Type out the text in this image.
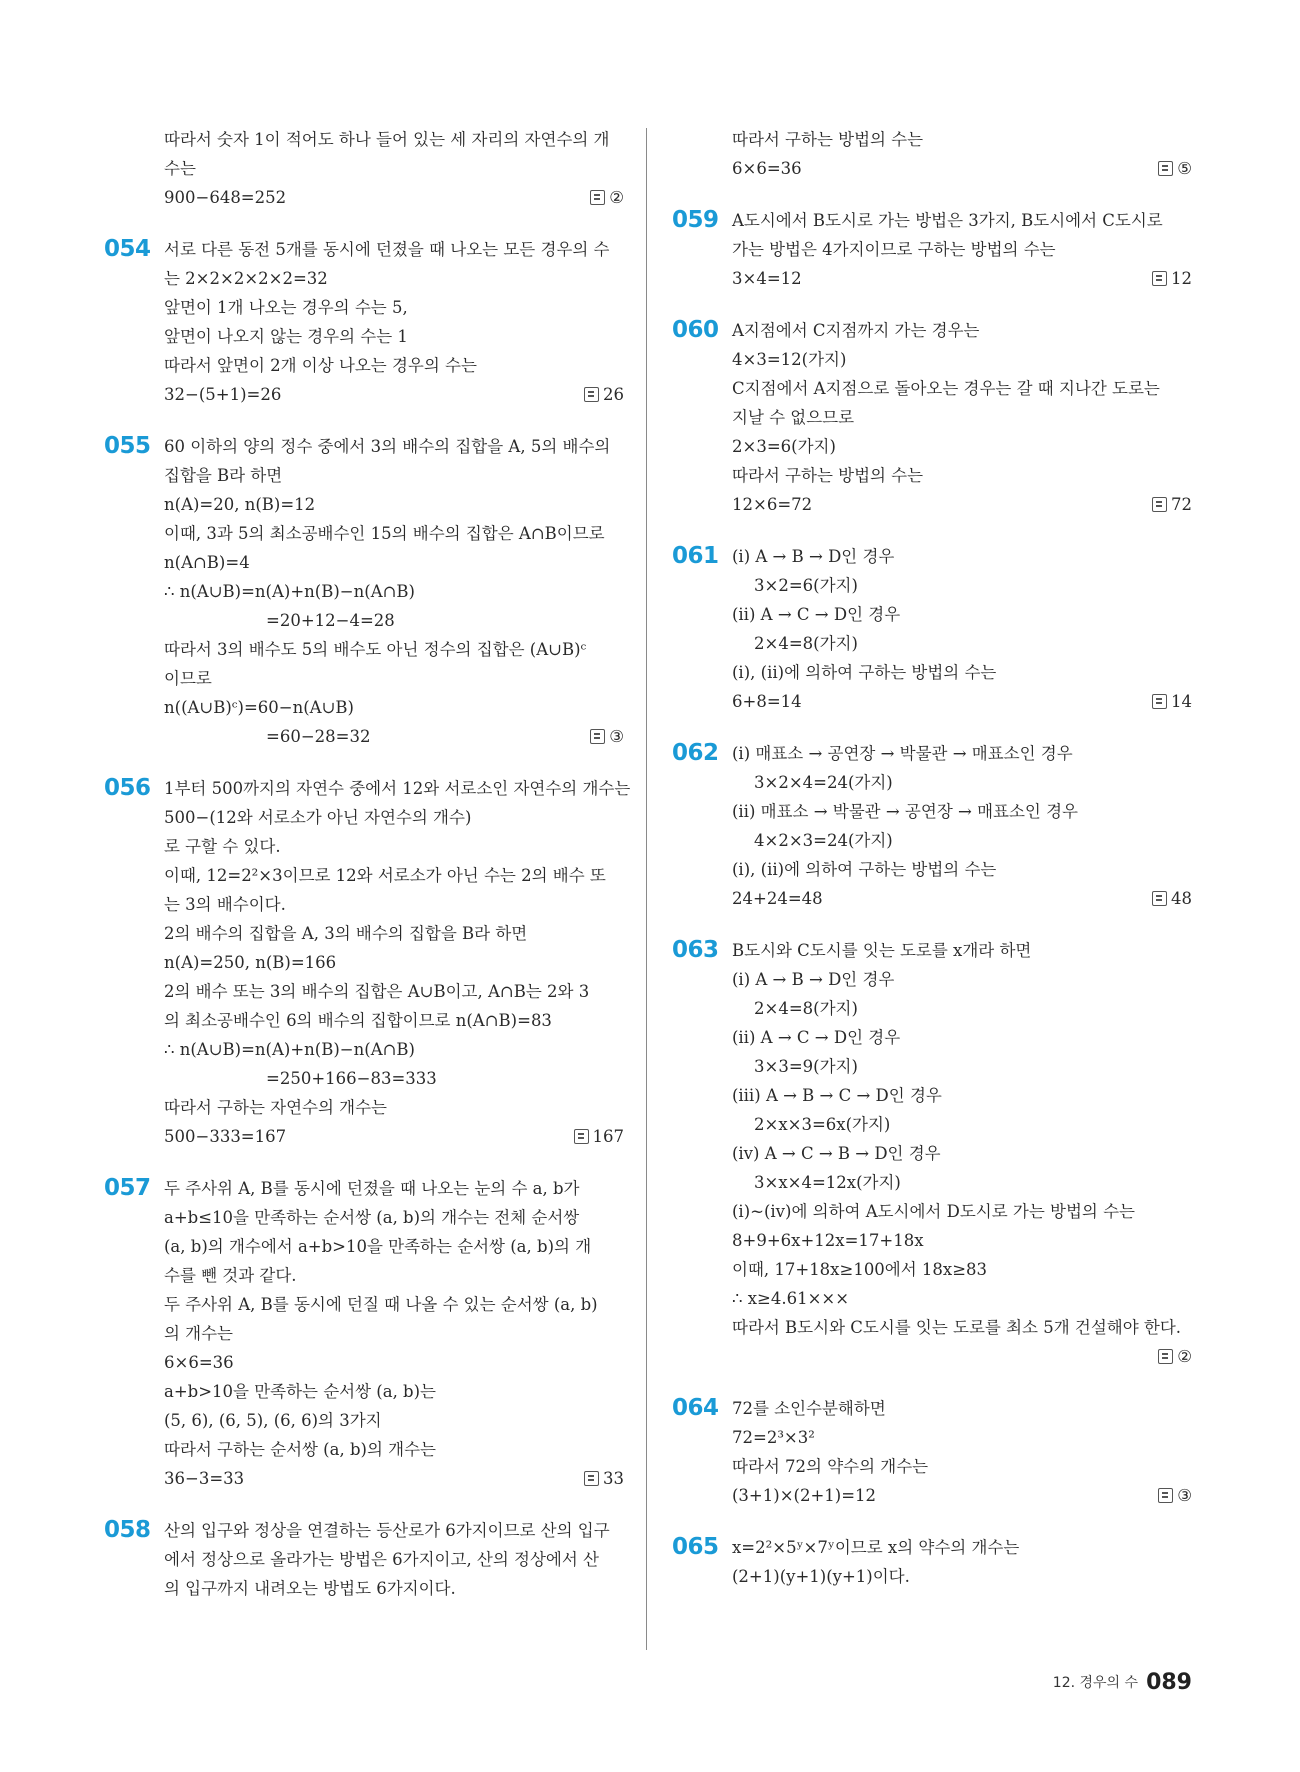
따라서 숫자 1이 적어도 하나 들어 있는 세 자리의 자연수의 개
수는
900−648=252	②
054 서로 다른 동전 5개를 동시에 던졌을 때 나오는 모든 경우의 수
는 2×2×2×2×2=32
앞면이 1개 나오는 경우의 수는 5,
앞면이 나오지 않는 경우의 수는 1
따라서 앞면이 2개 이상 나오는 경우의 수는
32−(5+1)=26	26
055 60 이하의 양의 정수 중에서 3의 배수의 집합을 A, 5의 배수의
집합을 B라 하면
n(A)=20, n(B)=12
이때, 3과 5의 최소공배수인 15의 배수의 집합은 A∩B이므로
n(A∩B)=4
∴ n(A∪B)=n(A)+n(B)−n(A∩B)
=20+12−4=28
따라서 3의 배수도 5의 배수도 아닌 정수의 집합은 (A∪B)ᶜ
이므로
n((A∪B)ᶜ)=60−n(A∪B)
=60−28=32	③
056 1부터 500까지의 자연수 중에서 12와 서로소인 자연수의 개수는
500−(12와 서로소가 아닌 자연수의 개수)
로 구할 수 있다.
이때, 12=2²×3이므로 12와 서로소가 아닌 수는 2의 배수 또
는 3의 배수이다.
2의 배수의 집합을 A, 3의 배수의 집합을 B라 하면
n(A)=250, n(B)=166
2의 배수 또는 3의 배수의 집합은 A∪B이고, A∩B는 2와 3
의 최소공배수인 6의 배수의 집합이므로 n(A∩B)=83
∴ n(A∪B)=n(A)+n(B)−n(A∩B)
=250+166−83=333
따라서 구하는 자연수의 개수는
500−333=167	167
057 두 주사위 A, B를 동시에 던졌을 때 나오는 눈의 수 a, b가
a+b≤10을 만족하는 순서쌍 (a, b)의 개수는 전체 순서쌍
(a, b)의 개수에서 a+b>10을 만족하는 순서쌍 (a, b)의 개
수를 뺀 것과 같다.
두 주사위 A, B를 동시에 던질 때 나올 수 있는 순서쌍 (a, b)
의 개수는
6×6=36
a+b>10을 만족하는 순서쌍 (a, b)는
(5, 6), (6, 5), (6, 6)의 3가지
따라서 구하는 순서쌍 (a, b)의 개수는
36−3=33	33
058 산의 입구와 정상을 연결하는 등산로가 6가지이므로 산의 입구
에서 정상으로 올라가는 방법은 6가지이고, 산의 정상에서 산
의 입구까지 내려오는 방법도 6가지이다.
따라서 구하는 방법의 수는
6×6=36	⑤
059 A도시에서 B도시로 가는 방법은 3가지, B도시에서 C도시로
가는 방법은 4가지이므로 구하는 방법의 수는
3×4=12	12
060 A지점에서 C지점까지 가는 경우는
4×3=12(가지)
C지점에서 A지점으로 돌아오는 경우는 갈 때 지나간 도로는
지날 수 없으므로
2×3=6(가지)
따라서 구하는 방법의 수는
12×6=72	72
061 (ⅰ) A → B → D인 경우
3×2=6(가지)
(ⅱ) A → C → D인 경우
2×4=8(가지)
(ⅰ), (ⅱ)에 의하여 구하는 방법의 수는
6+8=14	14
062 (ⅰ) 매표소 → 공연장 → 박물관 → 매표소인 경우
3×2×4=24(가지)
(ⅱ) 매표소 → 박물관 → 공연장 → 매표소인 경우
4×2×3=24(가지)
(ⅰ), (ⅱ)에 의하여 구하는 방법의 수는
24+24=48	48
063 B도시와 C도시를 잇는 도로를 x개라 하면
(ⅰ) A → B → D인 경우
2×4=8(가지)
(ⅱ) A → C → D인 경우
3×3=9(가지)
(ⅲ) A → B → C → D인 경우
2×x×3=6x(가지)
(ⅳ) A → C → B → D인 경우
3×x×4=12x(가지)
(ⅰ)~(ⅳ)에 의하여 A도시에서 D도시로 가는 방법의 수는
8+9+6x+12x=17+18x
이때, 17+18x≥100에서 18x≥83
∴ x≥4.61×××
따라서 B도시와 C도시를 잇는 도로를 최소 5개 건설해야 한다.
②
064 72를 소인수분해하면
72=2³×3²
따라서 72의 약수의 개수는
(3+1)×(2+1)=12	③
065 x=2²×5ʸ×7ʸ이므로 x의 약수의 개수는
(2+1)(y+1)(y+1)이다.
12. 경우의 수 089
